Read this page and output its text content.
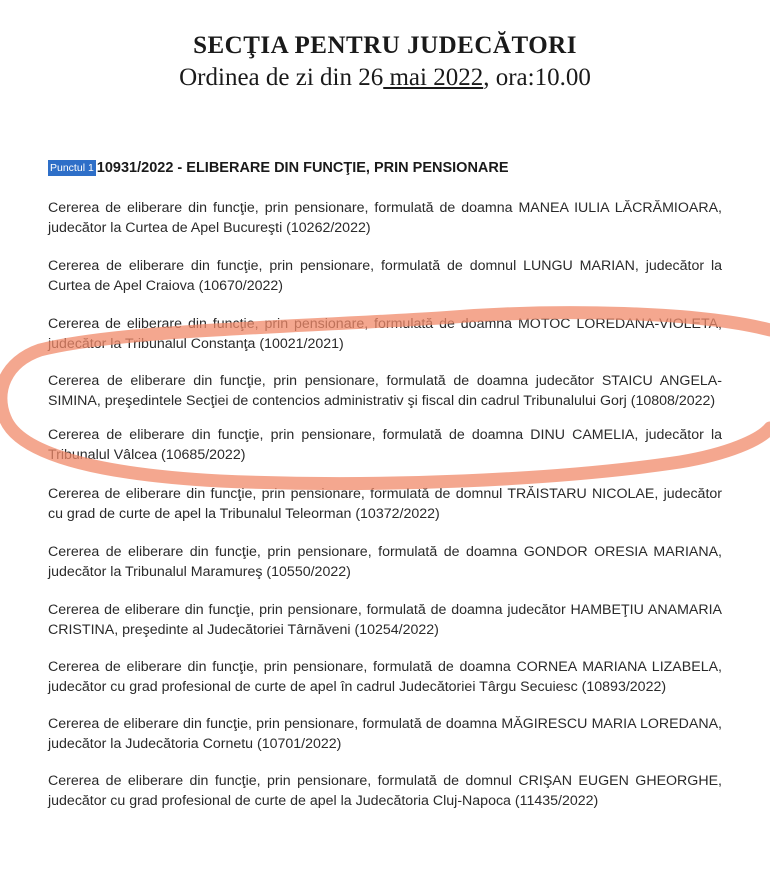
SECŢIA PENTRU JUDECĂTORI
Ordinea de zi din 26 mai 2022, ora:10.00
Punctul 1 10931/2022 - ELIBERARE DIN FUNCŢIE, PRIN PENSIONARE

Cererea de eliberare din funcţie, prin pensionare, formulată de doamna MANEA IULIA LĂCRĂMIOARA, judecător la Curtea de Apel Bucureşti (10262/2022)

Cererea de eliberare din funcţie, prin pensionare, formulată de domnul LUNGU MARIAN, judecător la Curtea de Apel Craiova (10670/2022)

Cererea de eliberare din funcţie, prin pensionare, formulată de doamna MOTOC LOREDANA-VIOLETA, judecător la Tribunalul Constanţa (10021/2021)

Cererea de eliberare din funcţie, prin pensionare, formulată de doamna judecător STAICU ANGELA-SIMINA, preşedintele Secţiei de contencios administrativ şi fiscal din cadrul Tribunalului Gorj (10808/2022)

Cererea de eliberare din funcţie, prin pensionare, formulată de doamna DINU CAMELIA, judecător la Tribunalul Vâlcea (10685/2022)

Cererea de eliberare din funcţie, prin pensionare, formulată de domnul TRĂISTARU NICOLAE, judecător cu grad de curte de apel la Tribunalul Teleorman (10372/2022)

Cererea de eliberare din funcţie, prin pensionare, formulată de doamna GONDOR ORESIA MARIANA, judecător la Tribunalul Maramureş (10550/2022)

Cererea de eliberare din funcţie, prin pensionare, formulată de doamna judecător HAMBEŢIU ANAMARIA CRISTINA, preşedinte al Judecătoriei Târnăveni (10254/2022)

Cererea de eliberare din funcţie, prin pensionare, formulată de doamna CORNEA MARIANA LIZABELA, judecător cu grad profesional de curte de apel în cadrul Judecătoriei Târgu Secuiesc (10893/2022)

Cererea de eliberare din funcţie, prin pensionare, formulată de doamna MĂGIRESCU MARIA LOREDANA, judecător la Judecătoria Cornetu (10701/2022)

Cererea de eliberare din funcţie, prin pensionare, formulată de domnul CRIŞAN EUGEN GHEORGHE, judecător cu grad profesional de curte de apel la Judecătoria Cluj-Napoca (11435/2022)
